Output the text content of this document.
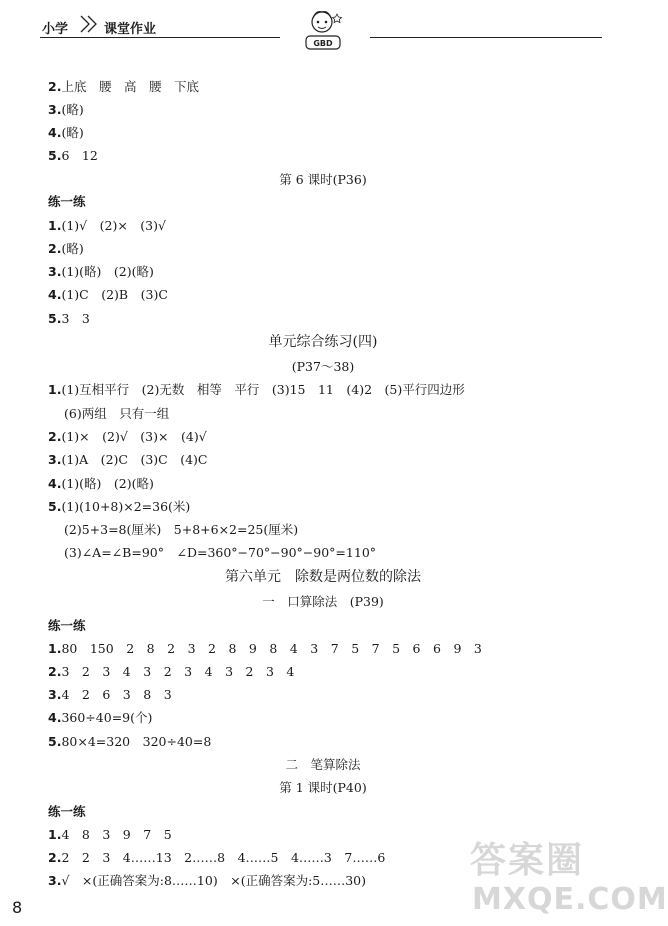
小学	课堂作业
GBD
2.上底　腰　高　腰　下底
3.(略)
4.(略)
5.6　12
第 6 课时(P36)
练一练
1.(1)√　(2)×　(3)√
2.(略)
3.(1)(略)　(2)(略)
4.(1)C　(2)B　(3)C
5.3　3
单元综合练习(四)
(P37～38)
1.(1)互相平行　(2)无数　相等　平行　(3)15　11　(4)2　(5)平行四边形
(6)两组　只有一组
2.(1)×　(2)√　(3)×　(4)√
3.(1)A　(2)C　(3)C　(4)C
4.(1)(略)　(2)(略)
5.(1)(10+8)×2=36(米)
(2)5+3=8(厘米)　5+8+6×2=25(厘米)
(3)∠A=∠B=90°　∠D=360°−70°−90°−90°=110°
第六单元　除数是两位数的除法
一　口算除法　(P39)
练一练
1.80　150　2　8　2　3　2　8　9　8　4　3　7　5　7　5　6　6　9　3
2.3　2　3　4　3　2　3　4　3　2　3　4
3.4　2　6　3　8　3
4.360÷40=9(个)
5.80×4=320　320÷40=8
二　笔算除法
第 1 课时(P40)
练一练
1.4　8　3　9　7　5
2.2　2　3　4……13　2……8　4……5　4……3　7……6
3.√　×(正确答案为:8……10)　×(正确答案为:5……30)	答案圈
MXQE.COM
8
